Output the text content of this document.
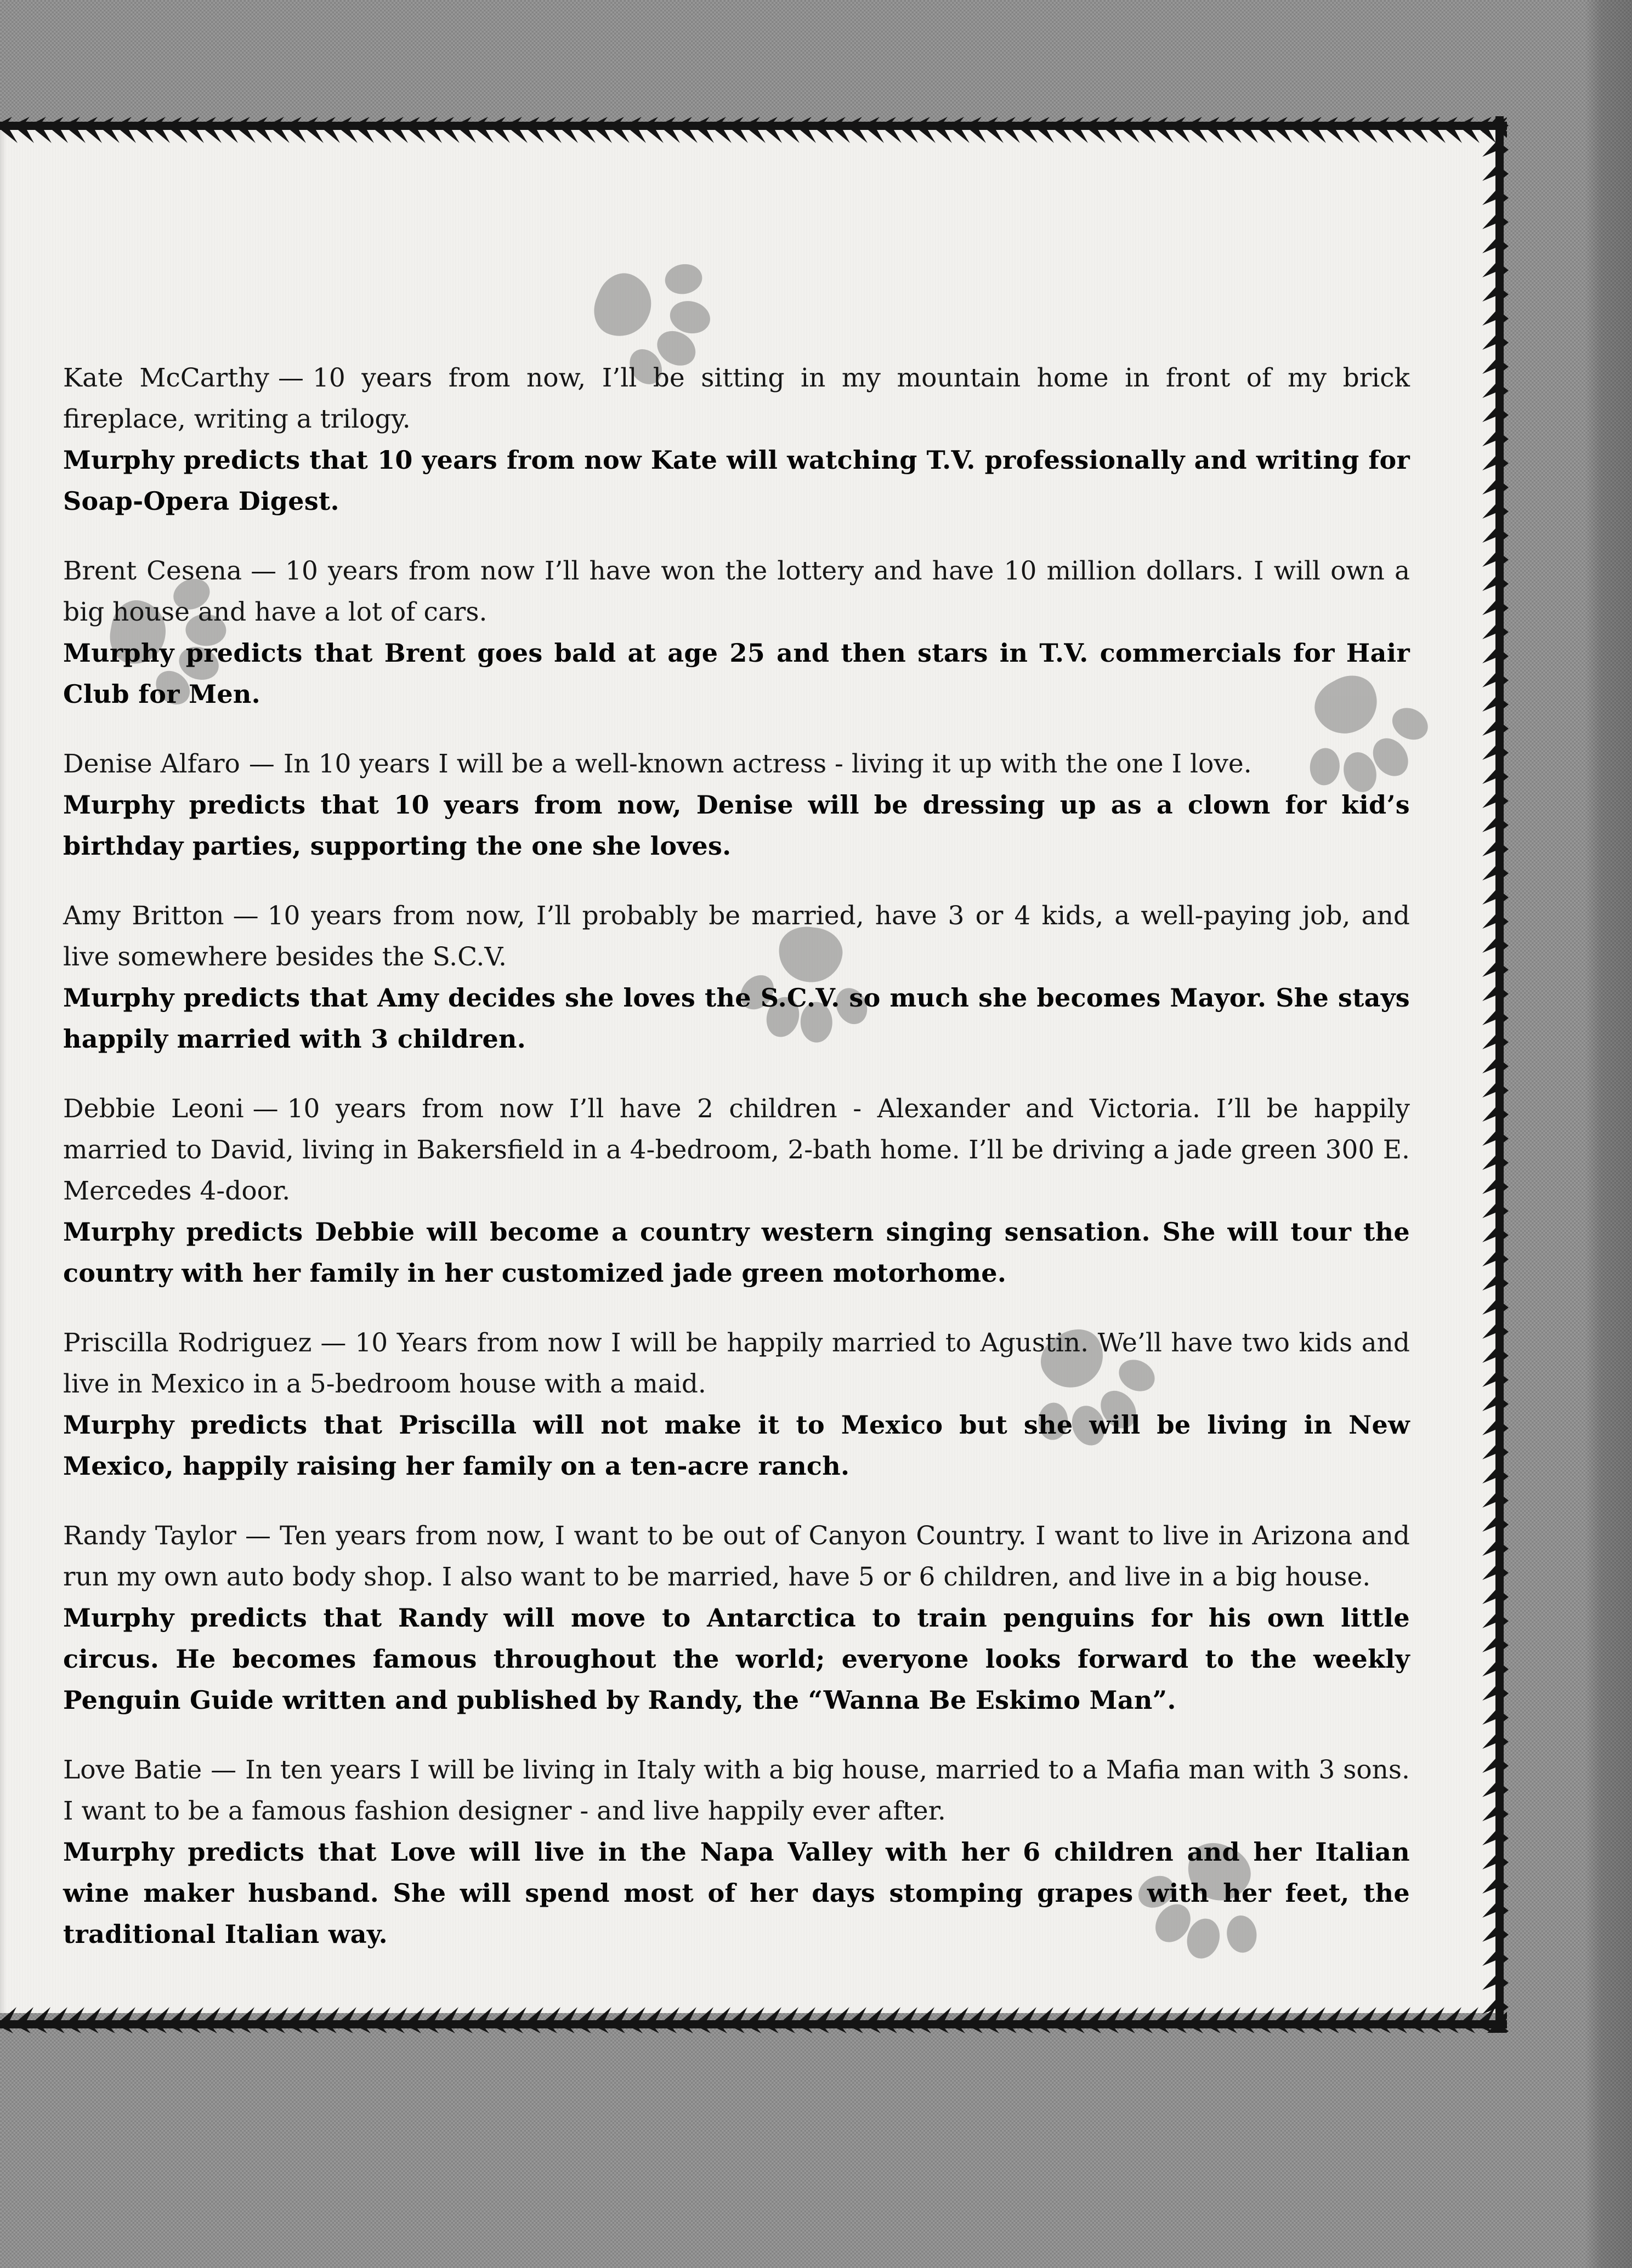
Kate McCarthy — 10 years from now, I’ll be sitting in my mountain home in front of my brick fireplace, writing a trilogy.
Murphy predicts that 10 years from now Kate will watching T.V. professionally and writing for Soap-Opera Digest.
Brent Cesena — 10 years from now I’ll have won the lottery and have 10 million dollars. I will own a big house and have a lot of cars.
Murphy predicts that Brent goes bald at age 25 and then stars in T.V. commercials for Hair Club for Men.
Denise Alfaro — In 10 years I will be a well-known actress - living it up with the one I love.
Murphy predicts that 10 years from now, Denise will be dressing up as a clown for kid’s birthday parties, supporting the one she loves.
Amy Britton — 10 years from now, I’ll probably be married, have 3 or 4 kids, a well-paying job, and live somewhere besides the S.C.V.
Murphy predicts that Amy decides she loves the S.C.V. so much she becomes Mayor. She stays happily married with 3 children.
Debbie Leoni — 10 years from now I’ll have 2 children - Alexander and Victoria. I’ll be happily married to David, living in Bakersfield in a 4-bedroom, 2-bath home. I’ll be driving a jade green 300 E. Mercedes 4-door.
Murphy predicts Debbie will become a country western singing sensation. She will tour the country with her family in her customized jade green motorhome.
Priscilla Rodriguez — 10 Years from now I will be happily married to Agustin. We’ll have two kids and live in Mexico in a 5-bedroom house with a maid.
Murphy predicts that Priscilla will not make it to Mexico but she will be living in New Mexico, happily raising her family on a ten-acre ranch.
Randy Taylor — Ten years from now, I want to be out of Canyon Country. I want to live in Arizona and run my own auto body shop. I also want to be married, have 5 or 6 children, and live in a big house.
Murphy predicts that Randy will move to Antarctica to train penguins for his own little circus. He becomes famous throughout the world; everyone looks forward to the weekly Penguin Guide written and published by Randy, the “Wanna Be Eskimo Man”.
Love Batie — In ten years I will be living in Italy with a big house, married to a Mafia man with 3 sons. I want to be a famous fashion designer - and live happily ever after.
Murphy predicts that Love will live in the Napa Valley with her 6 children and her Italian wine maker husband. She will spend most of her days stomping grapes with her feet, the traditional Italian way.
